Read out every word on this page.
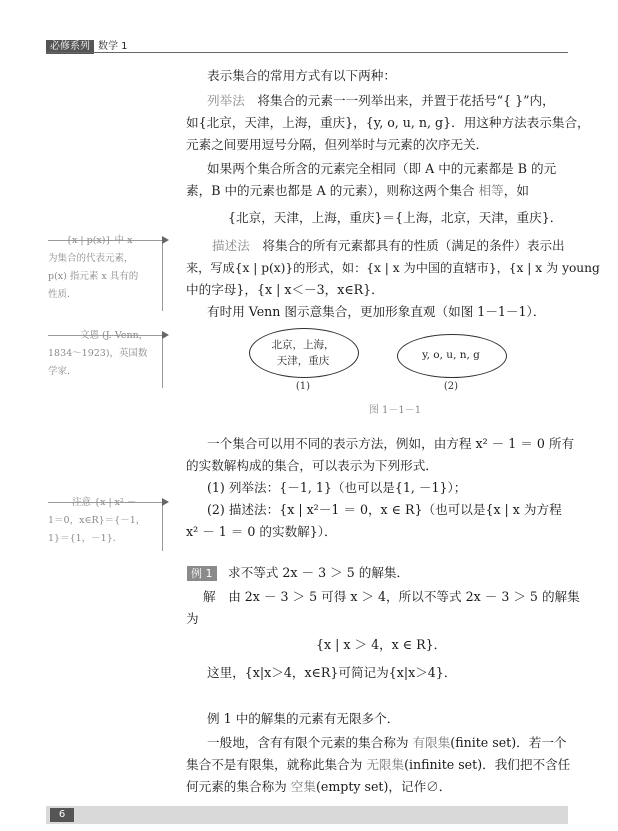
必修系列 数学 1
表示集合的常用方式有以下两种：
列举法　 将集合的元素一一列举出来，并置于花括号“{ }”内，
如{北京，天津，上海，重庆}，{y, o, u, n, g}．用这种方法表示集合，
元素之间要用逗号分隔，但列举时与元素的次序无关．
如果两个集合所含的元素完全相同（即 A 中的元素都是 B 的元
素，B 中的元素也都是 A 的元素），则称这两个集合 相等，如
{北京，天津，上海，重庆}＝{上海，北京，天津，重庆}．
描述法　 将集合的所有元素都具有的性质（满足的条件）表示出
来，写成{x | p(x)}的形式，如：{x | x 为中国的直辖市}，{x | x 为 young
中的字母}，{x | x＜－3，x∈R}．
有时用 Venn 图示意集合，更加形象直观（如图 1－1－1）．
北京，上海，
天津，重庆	y, o, u, n, g
(1)	(2)
图 1－1－1
一个集合可以用不同的表示方法，例如，由方程 x² － 1 ＝ 0 所有
的实数解构成的集合，可以表示为下列形式．
(1) 列举法：{－1, 1}（也可以是{1, －1}）；
(2) 描述法：{x | x²－1 ＝ 0，x ∈ R}（也可以是{x | x 为方程
x² － 1 ＝ 0 的实数解}）．
例 1	求不等式 2x － 3 ＞ 5 的解集．
解　由 2x － 3 ＞ 5 可得 x ＞ 4，所以不等式 2x － 3 ＞ 5 的解集
为
{x | x ＞ 4，x ∈ R}．
这里，{x|x＞4，x∈R}可简记为{x|x＞4}．
例 1 中的解集的元素有无限多个．
一般地，含有有限个元素的集合称为 有限集(finite set)．若一个
集合不是有限集，就称此集合为 无限集(infinite set)．我们把不含任
何元素的集合称为 空集(empty set)，记作∅．
{x | p(x)} 中 x
为集合的代表元素，
p(x) 指元素 x 具有的
性质．
文恩 (J. Venn，
1834～1923)，英国数
学家．
注意 {x | x² －
1＝0，x∈R}＝{－1，
1}＝{1，－1}．
6
